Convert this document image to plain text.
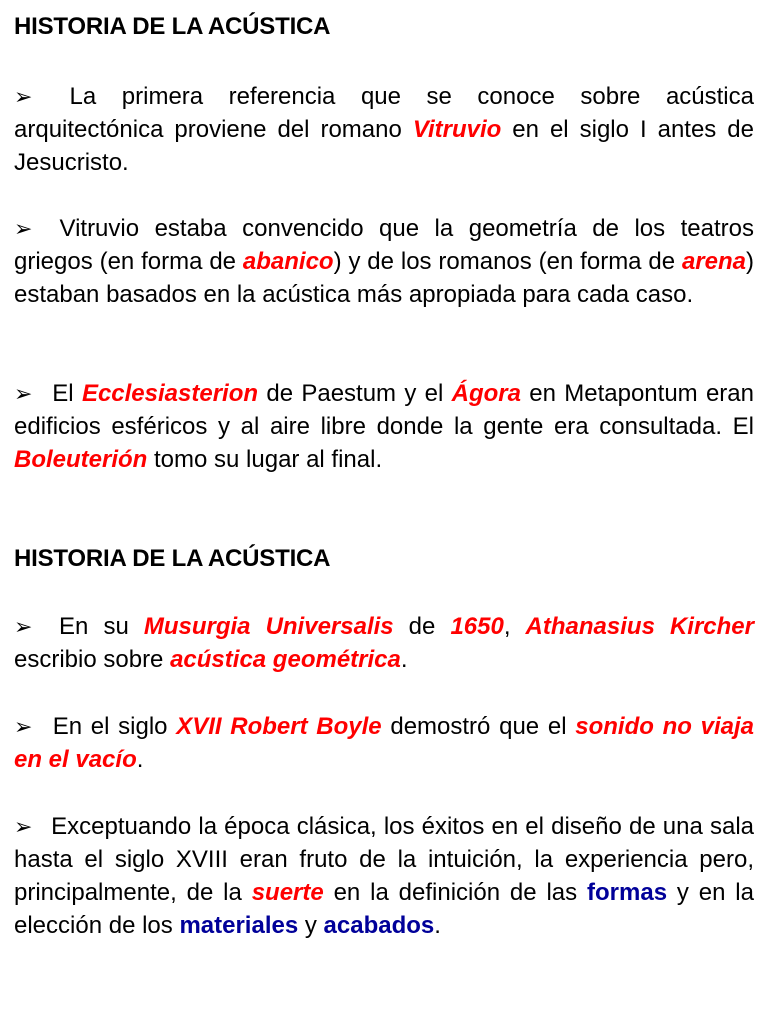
HISTORIA DE LA ACÚSTICA

➢ La primera referencia que se conoce sobre acústica arquitectónica proviene del romano Vitruvio en el siglo I antes de Jesucristo.

➢ Vitruvio estaba convencido que la geometría de los teatros griegos (en forma de abanico) y de los romanos (en forma de arena) estaban basados en la acústica más apropiada para cada caso.

➢ El Ecclesiasterion de Paestum y el Ágora en Metapontum eran edificios esféricos y al aire libre donde la gente era consultada. El Boleuterión tomo su lugar al final.

HISTORIA DE LA ACÚSTICA

➢ En su Musurgia Universalis de 1650, Athanasius Kircher escribio sobre acústica geométrica.

➢ En el siglo XVII Robert Boyle demostró que el sonido no viaja en el vacío.

➢ Exceptuando la época clásica, los éxitos en el diseño de una sala hasta el siglo XVIII eran fruto de la intuición, la experiencia pero, principalmente, de la suerte en la definición de las formas y en la elección de los materiales y acabados.
